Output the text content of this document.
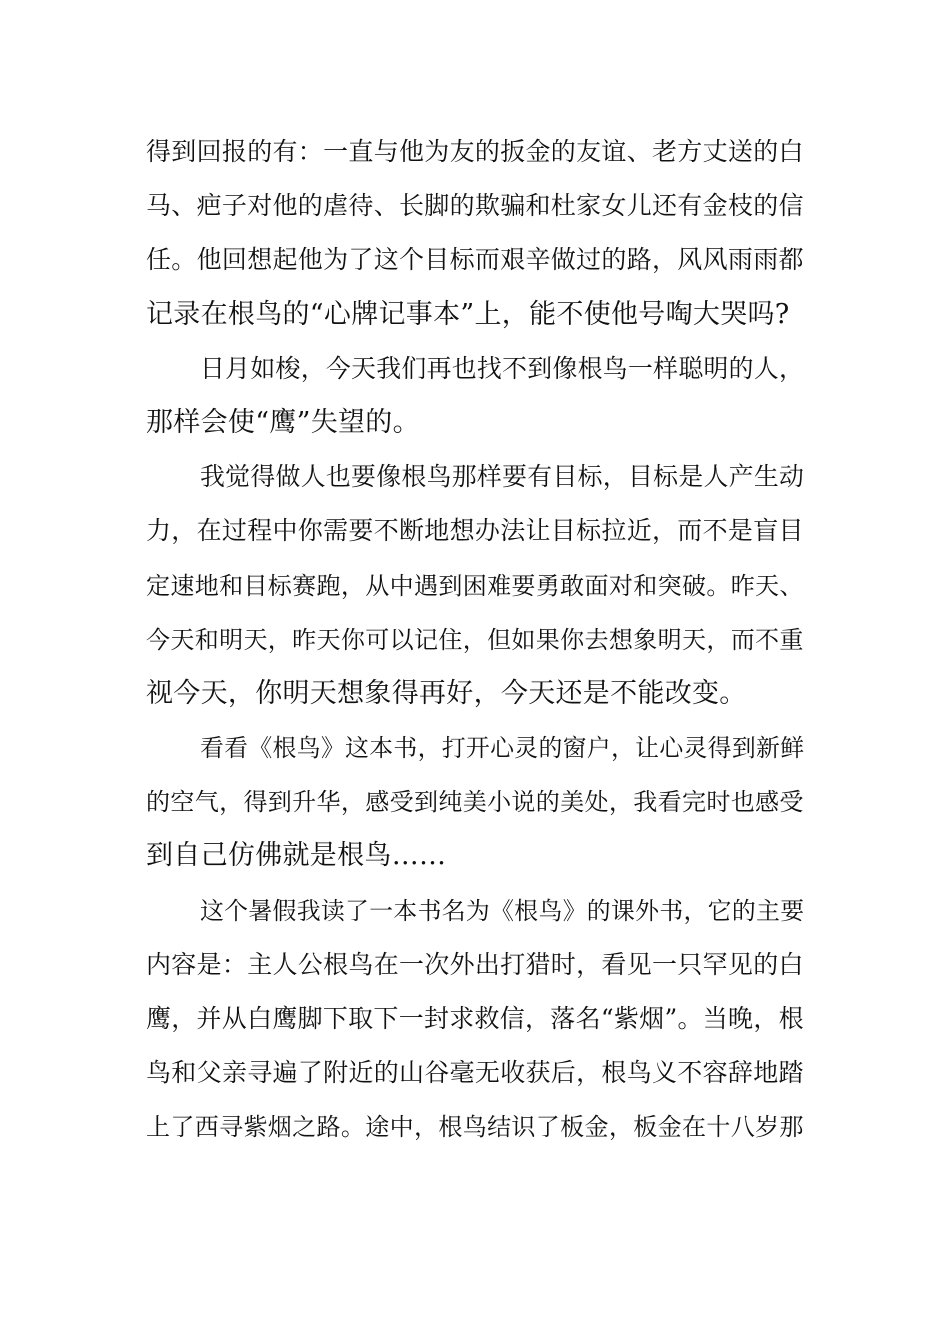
得到回报的有：一直与他为友的扳金的友谊、老方丈送的白
马、疤子对他的虐待、长脚的欺骗和杜家女儿还有金枝的信
任。他回想起他为了这个目标而艰辛做过的路，风风雨雨都
记录在根鸟的“心牌记事本”上，能不使他号啕大哭吗?
日月如梭，今天我们再也找不到像根鸟一样聪明的人，
那样会使“鹰”失望的。
我觉得做人也要像根鸟那样要有目标，目标是人产生动
力，在过程中你需要不断地想办法让目标拉近，而不是盲目
定速地和目标赛跑，从中遇到困难要勇敢面对和突破。昨天、
今天和明天，昨天你可以记住，但如果你去想象明天，而不重
视今天，你明天想象得再好，今天还是不能改变。
看看《根鸟》这本书，打开心灵的窗户，让心灵得到新鲜
的空气，得到升华，感受到纯美小说的美处，我看完时也感受
到自己仿佛就是根鸟……
这个暑假我读了一本书名为《根鸟》的课外书，它的主要
内容是：主人公根鸟在一次外出打猎时，看见一只罕见的白
鹰，并从白鹰脚下取下一封求救信，落名“紫烟”。当晚，根
鸟和父亲寻遍了附近的山谷毫无收获后，根鸟义不容辞地踏
上了西寻紫烟之路。途中，根鸟结识了板金，板金在十八岁那
